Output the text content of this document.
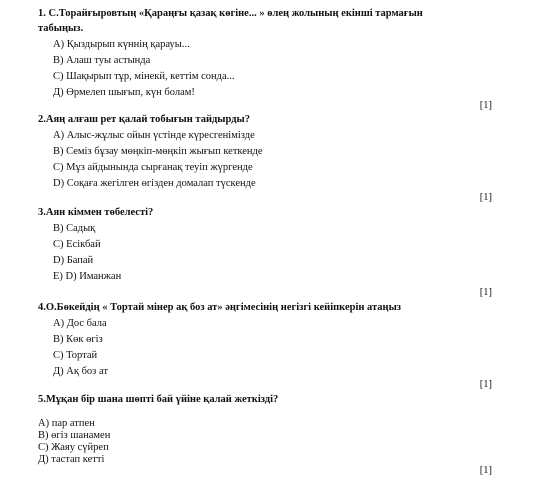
1. С.Торайғыровтың «Қараңғы қазақ көгіне... » өлең жолының екінші тармағын
табыңыз.
А) Қыздырып күннің қарауы...
В) Алаш туы астында
С) Шақырып тұр, мінекй, кеттім сонда...
Д) Өрмелеп шығып, күн болам!
[1]
2.Аяң алғаш рет қалай тобығын тайдырды?
А) Алыс-жұлыс ойын үстінде күресгенімізде
В) Семіз бұзау мөңкіп-мөңкіп жығып кеткенде
С) Мұз айдынында сырғанақ теуіп жүргенде
D) Соқаға жегілген өгізден домалап түскенде
[1]
3.Аян кіммен төбелесті?
В) Садық
С) Есікбай
D) Бапай
Е) D) Иманжан
[1]
4.О.Бөкейдің « Тортай мінер ақ боз ат» әңгімесінің негізгі кейіпкерін атаңыз
А) Дос бала
В) Көк өгіз
С) Тортай
Д) Ақ боз ат
[1]
5.Мұқан бір шана шөпті бай үйіне қалай жеткізді?
А) пар атпен
В) өгіз шанамен
С) Жаяу сүйреп
Д) тастап кетті
[1]
